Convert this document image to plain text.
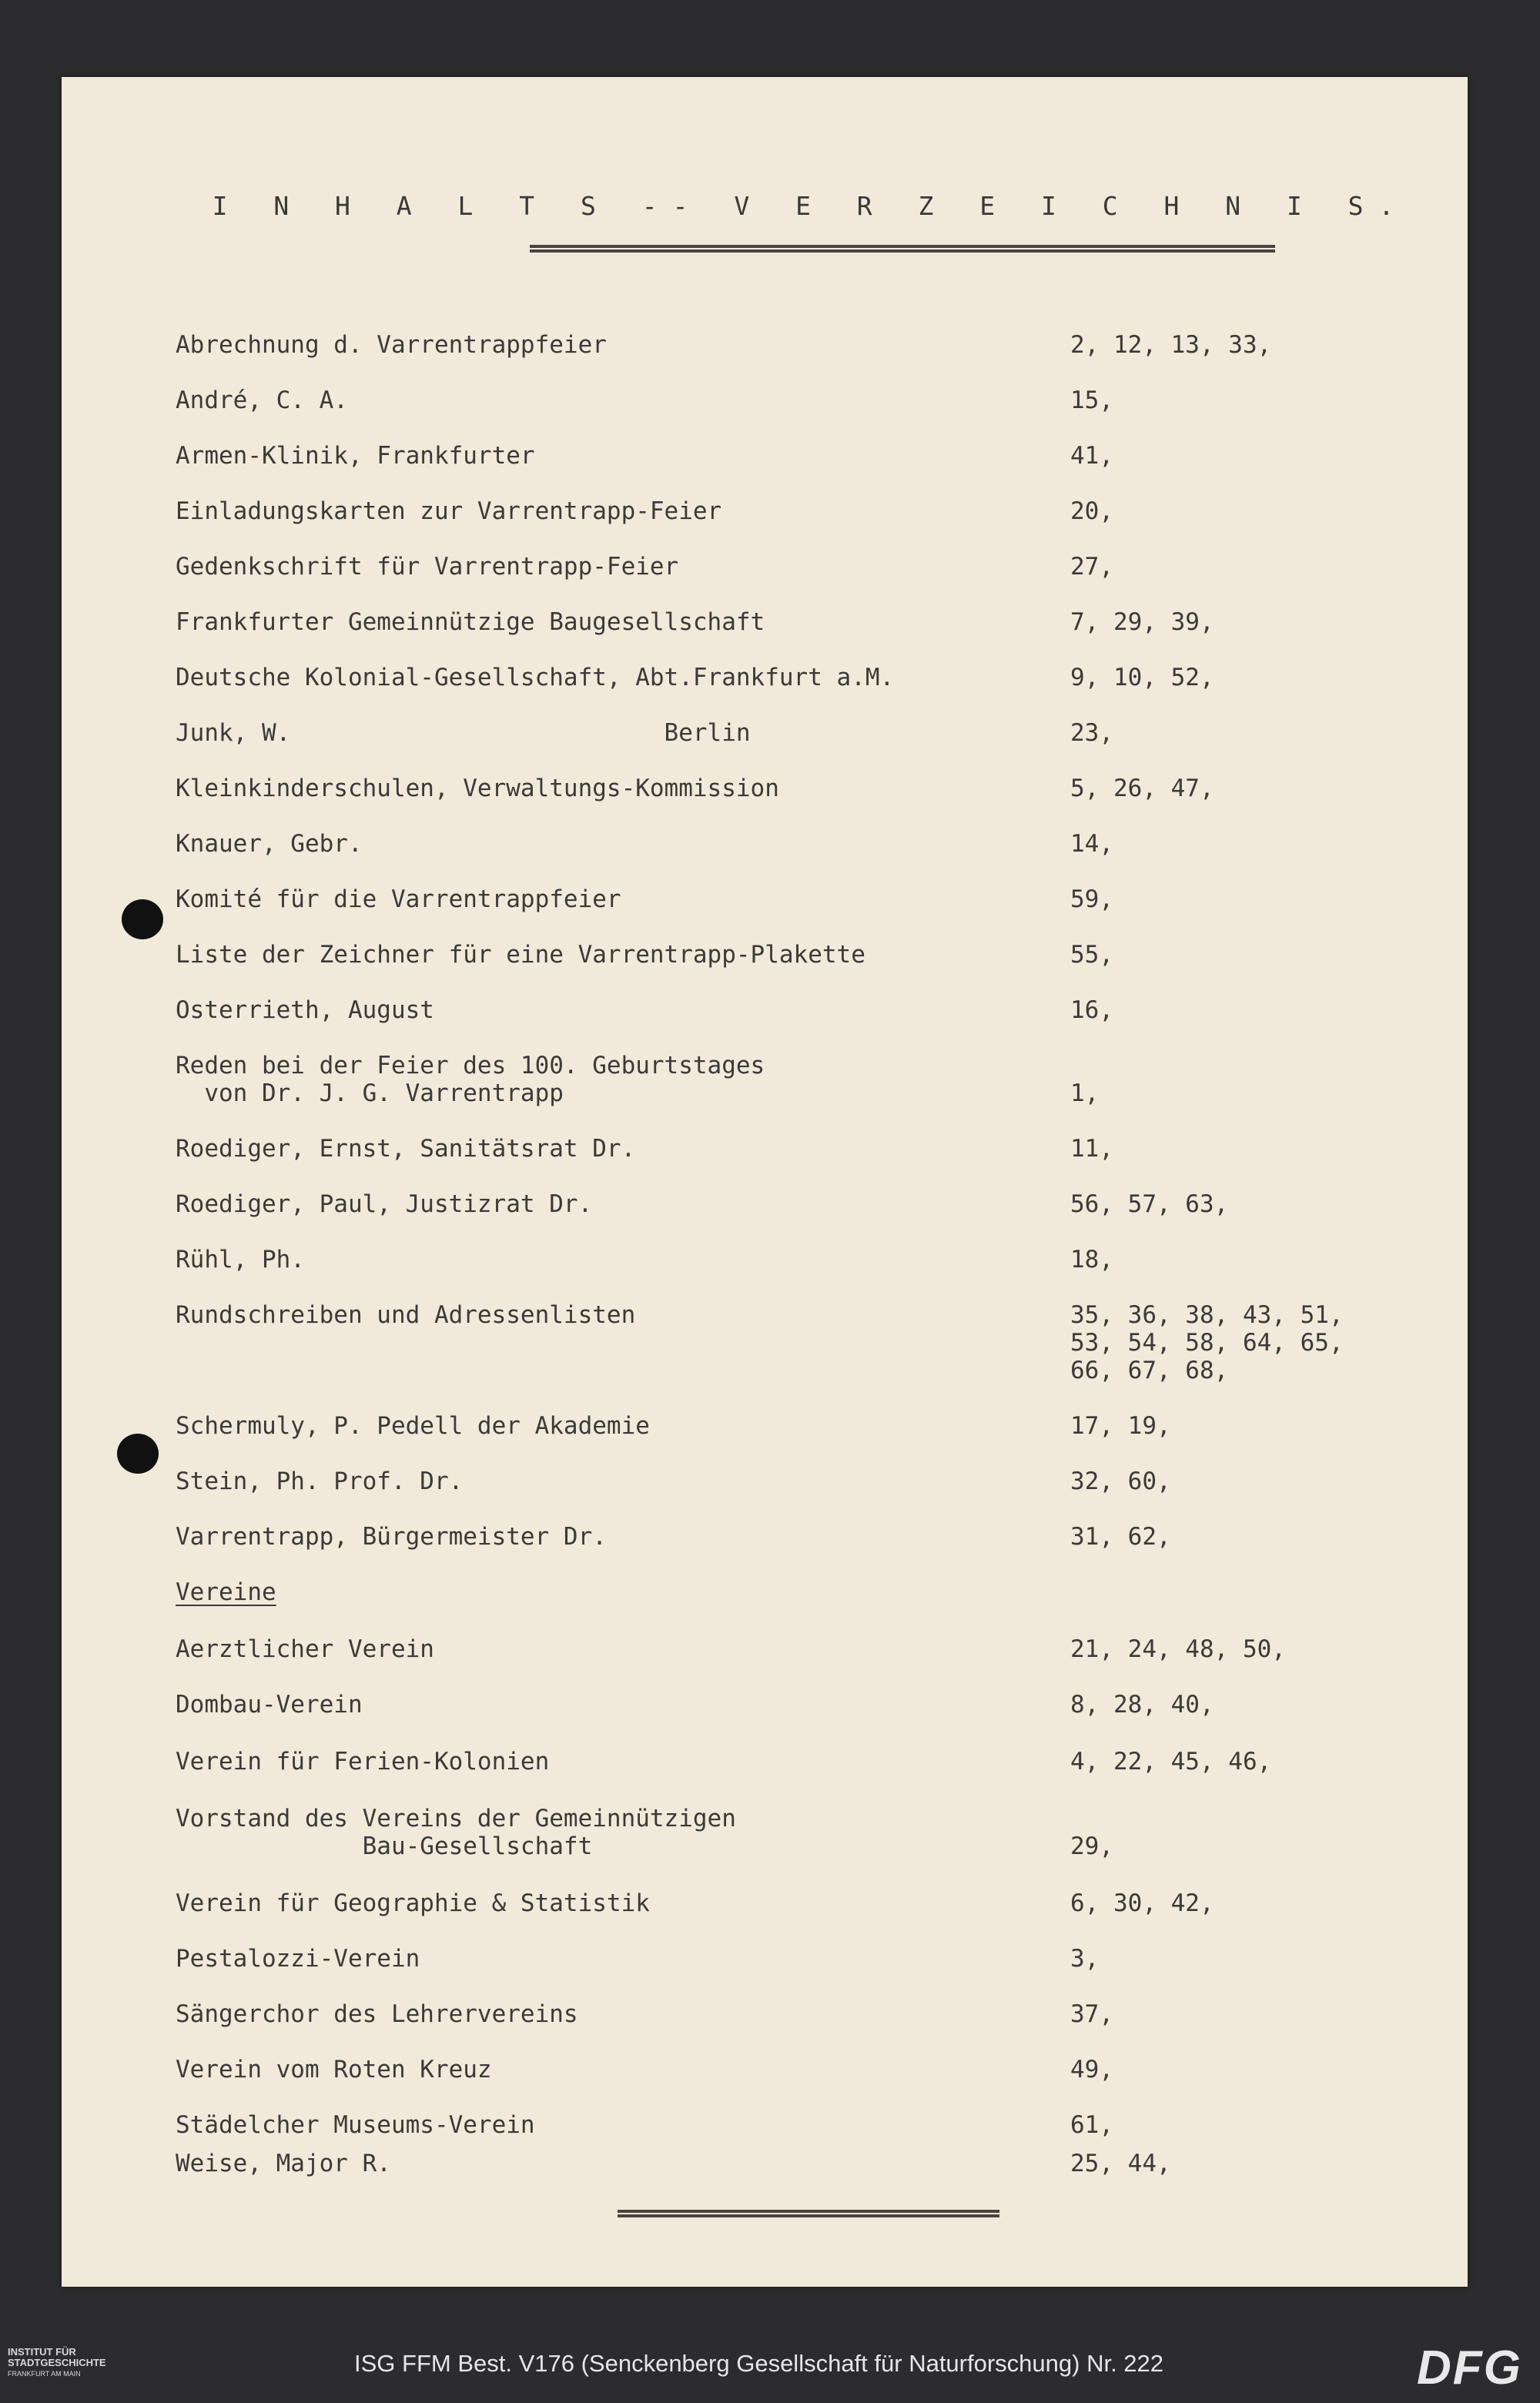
I N H A L T S -- V E R Z E I C H N I S.
Abrechnung d. Varrentrappfeier	2, 12, 13, 33,
André, C. A.	15,
Armen-Klinik, Frankfurter	41,
Einladungskarten zur Varrentrapp-Feier	20,
Gedenkschrift für Varrentrapp-Feier	27,
Frankfurter Gemeinnützige Baugesellschaft	7, 29, 39,
Deutsche Kolonial-Gesellschaft, Abt.Frankfurt a.M.	9, 10, 52,
Junk, W.                          Berlin	23,
Kleinkinderschulen, Verwaltungs-Kommission	5, 26, 47,
Knauer, Gebr.	14,
Komité für die Varrentrappfeier	59,
Liste der Zeichner für eine Varrentrapp-Plakette	55,
Osterrieth, August	16,
Reden bei der Feier des 100. Geburtstages
von Dr. J. G. Varrentrapp	1,
Roediger, Ernst, Sanitätsrat Dr.	11,
Roediger, Paul, Justizrat Dr.	56, 57, 63,
Rühl, Ph.	18,
Rundschreiben und Adressenlisten	35, 36, 38, 43, 51,
53, 54, 58, 64, 65,
66, 67, 68,
Schermuly, P. Pedell der Akademie	17, 19,
Stein, Ph. Prof. Dr.	32, 60,
Varrentrapp, Bürgermeister Dr.	31, 62,
Vereine
Aerztlicher Verein	21, 24, 48, 50,
Dombau-Verein	8, 28, 40,
Verein für Ferien-Kolonien	4, 22, 45, 46,
Vorstand des Vereins der Gemeinnützigen
Bau-Gesellschaft	29,
Verein für Geographie & Statistik	6, 30, 42,
Pestalozzi-Verein	3,
Sängerchor des Lehrervereins	37,
Verein vom Roten Kreuz	49,
Städelcher Museums-Verein	61,
Weise, Major R.	25, 44,
INSTITUT FÜR
STADTGESCHICHTE
FRANKFURT AM MAIN	ISG FFM Best. V176 (Senckenberg Gesellschaft für Naturforschung) Nr. 222	DFG
